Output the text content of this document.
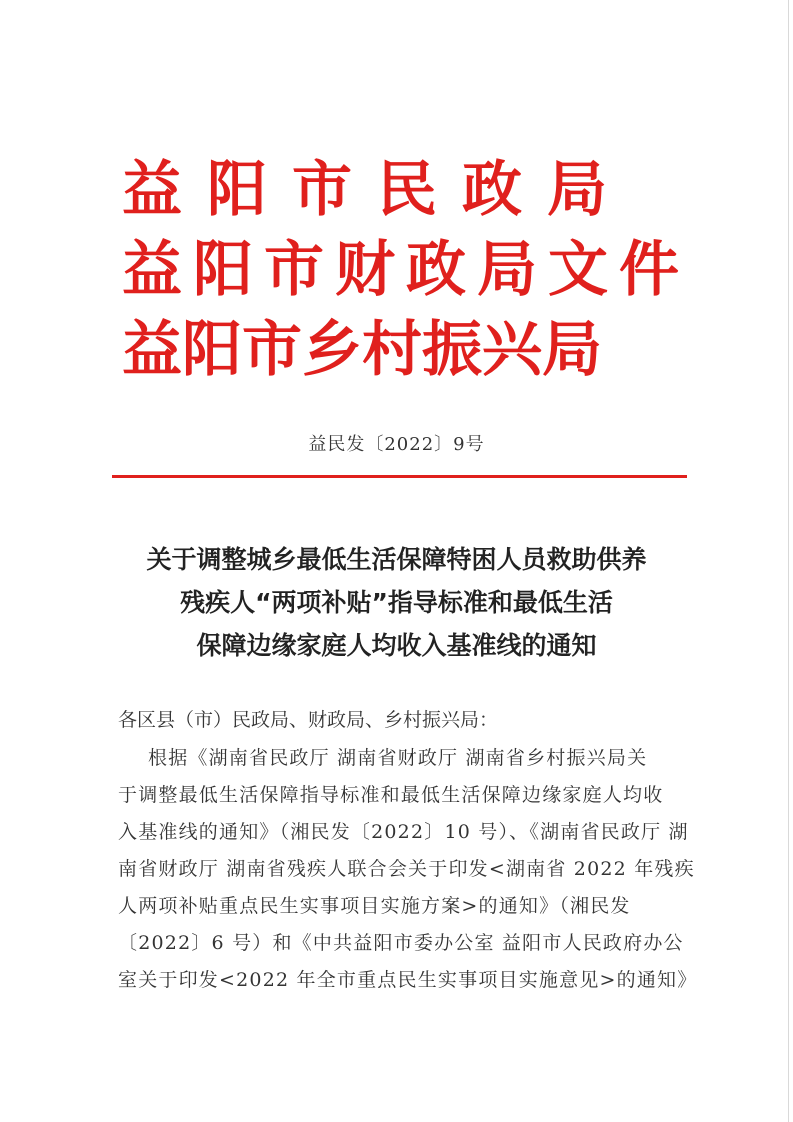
益阳市民政局
益阳市财政局文件
益阳市乡村振兴局
益民发〔2022〕9号
关于调整城乡最低生活保障特困人员救助供养
残疾人“两项补贴”指导标准和最低生活
保障边缘家庭人均收入基准线的通知
各区县（市）民政局、财政局、乡村振兴局：
根据《湖南省民政厅 湖南省财政厅 湖南省乡村振兴局关
于调整最低生活保障指导标准和最低生活保障边缘家庭人均收
入基准线的通知》（湘民发〔2022〕10 号）、《湖南省民政厅 湖
南省财政厅 湖南省残疾人联合会关于印发<湖南省 2022 年残疾
人两项补贴重点民生实事项目实施方案>的通知》（湘民发
〔2022〕6 号）和《中共益阳市委办公室 益阳市人民政府办公
室关于印发<2022 年全市重点民生实事项目实施意见>的通知》
